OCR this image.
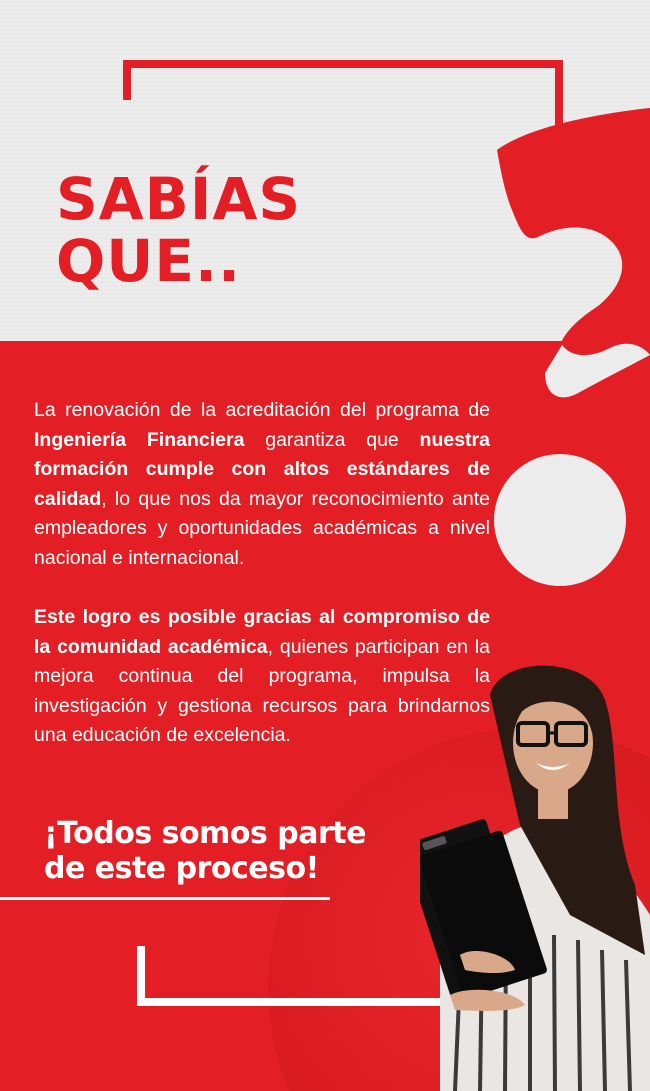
SABÍAS
QUE..

La renovación de la acreditación del programa de Ingeniería Financiera garantiza que nuestra formación cumple con altos estándares de calidad, lo que nos da mayor reconocimiento ante empleadores y oportunidades académicas a nivel nacional e internacional.

Este logro es posible gracias al compromiso de la comunidad académica, quienes participan en la mejora continua del programa, impulsa la investigación y gestiona recursos para brindarnos una educación de excelencia.

¡Todos somos parte
de este proceso!
